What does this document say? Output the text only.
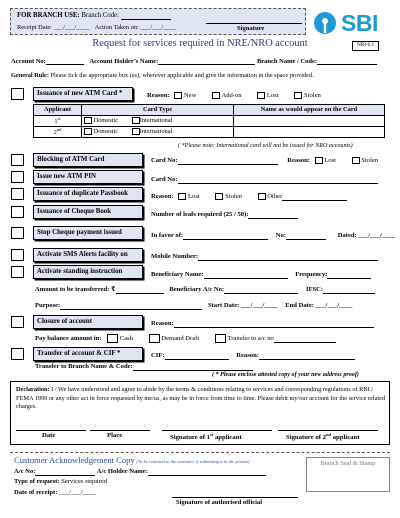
FOR BRANCH USE: Branch Code:
Receipt Date: ___/___/____ Action Taken on: ___/___/____	Signature	SBI
Request for services required in NRE/NRO account	NRI-6.1
Account No:	Account Holder’s Name:	Branch Name / Code:
General Rule: Please tick the appropriate box (es), wherever applicable and give the information in the space provided.
Issuance of new ATM Card *	Reason: New	Add-on	Lost	Stolen
Applicant	Card Type	Name as would appear on the Card
1st	Domestic International	
2nd	Domestic International	
( *Please note: International card will not be issued for NRO accounts)
Blocking of ATM Card	Card No:	Reason: Lost	Stolen
Issue new ATM PIN	Card No:
Issuance of duplicate Passbook	Reason: Lost	Stolen	Other
Issuance of Cheque Book	Number of leafs required (25 / 50):
Stop Cheque payment issued	In favor of:	No:	Dated: ___/___/____
Activate SMS Alerts facility on	Mobile Number:
Activate standing instruction	Beneficiary Name:	Frequency:
Amount to be transferred: ₹	Beneficiary A/c No:	IFSC:
Purpose:	Start Date: ___/___/____ End Date: ___/___/____
Closure of account	Reason:
Pay balance amount in:	Cash	Demand Draft	Transfer to a/c no
Transfer of account & CIF *	CIF:	Reason:
Transfer to Branch Name & Code:
( * Please enclose attested copy of your new address proof)
Declaration: I / We have understood and agree to abide by the terms & conditions relating to services and corresponding regulations of RBI / FEMA 1999 or any other act in force requested by me/us, as may be in force from time to time. Please debit my/our account for the service related charges.
Date	Place	Signature of 1st applicant	Signature of 2nd applicant
Customer Acknowledgement Copy (To be returned to the customer, if submitting it in the person)	Branch Seal & Stamp
A/c No:	A/c Holder Name:
Type of request: Services required
Date of receipt: ___/___/____
Signature of authorised official
